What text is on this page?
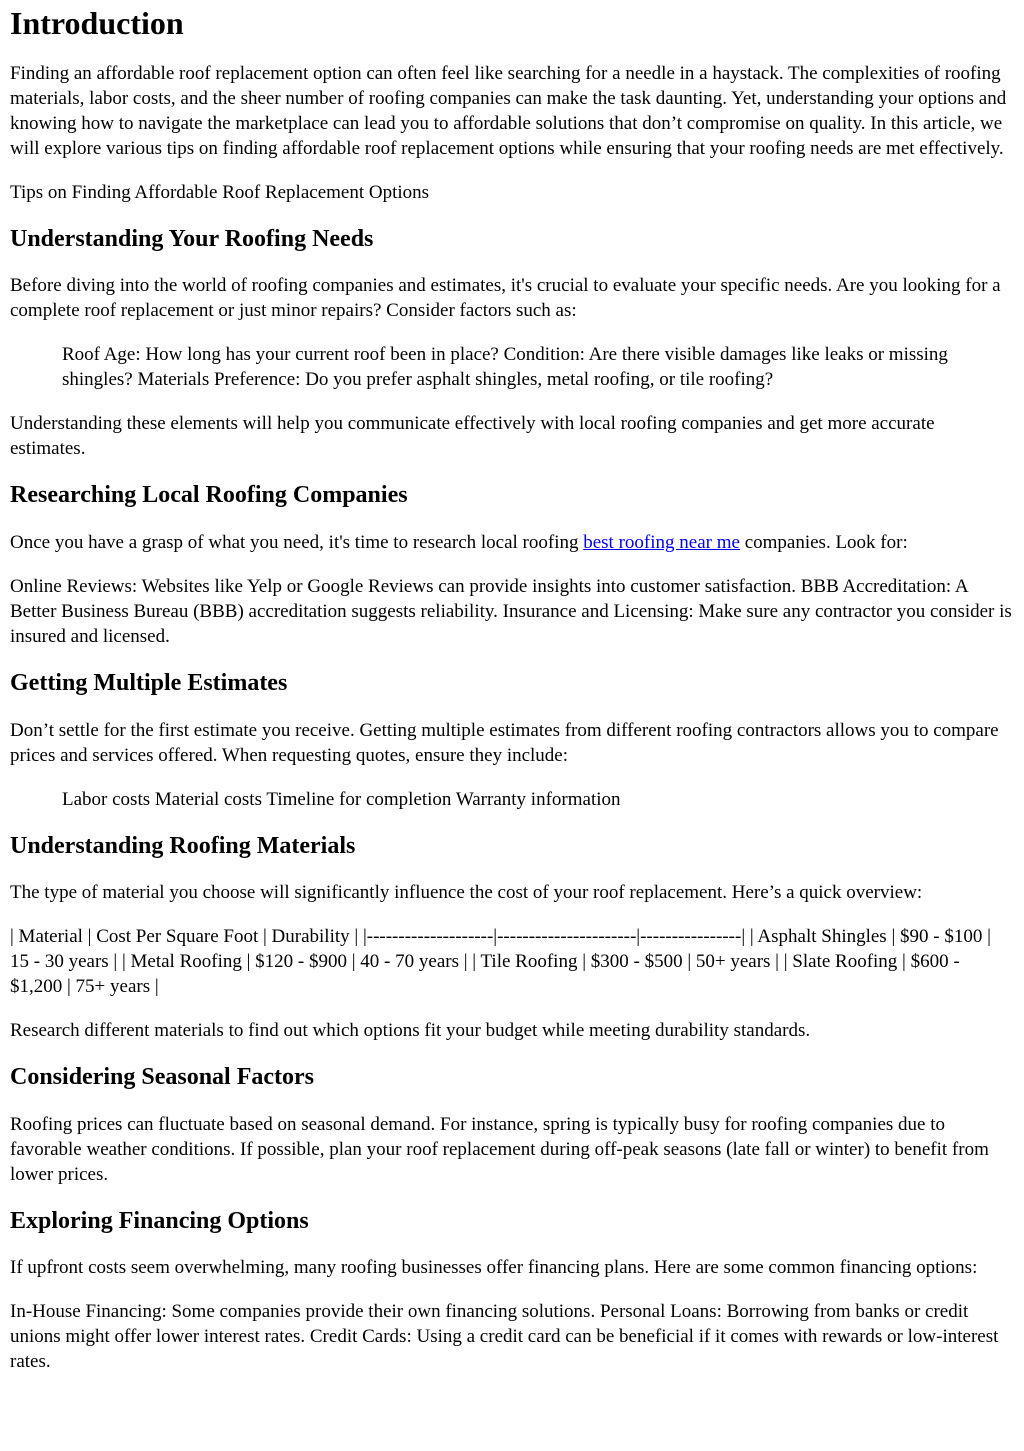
Introduction

Finding an affordable roof replacement option can often feel like searching for a needle in a haystack. The complexities of roofing materials, labor costs, and the sheer number of roofing companies can make the task daunting. Yet, understanding your options and knowing how to navigate the marketplace can lead you to affordable solutions that don’t compromise on quality. In this article, we will explore various tips on finding affordable roof replacement options while ensuring that your roofing needs are met effectively.

Tips on Finding Affordable Roof Replacement Options

Understanding Your Roofing Needs

Before diving into the world of roofing companies and estimates, it's crucial to evaluate your specific needs. Are you looking for a complete roof replacement or just minor repairs? Consider factors such as:

Roof Age: How long has your current roof been in place? Condition: Are there visible damages like leaks or missing shingles? Materials Preference: Do you prefer asphalt shingles, metal roofing, or tile roofing?

Understanding these elements will help you communicate effectively with local roofing companies and get more accurate estimates.

Researching Local Roofing Companies

Once you have a grasp of what you need, it's time to research local roofing best roofing near me companies. Look for:

Online Reviews: Websites like Yelp or Google Reviews can provide insights into customer satisfaction. BBB Accreditation: A Better Business Bureau (BBB) accreditation suggests reliability. Insurance and Licensing: Make sure any contractor you consider is insured and licensed.

Getting Multiple Estimates

Don’t settle for the first estimate you receive. Getting multiple estimates from different roofing contractors allows you to compare prices and services offered. When requesting quotes, ensure they include:

Labor costs Material costs Timeline for completion Warranty information
Understanding Roofing Materials

The type of material you choose will significantly influence the cost of your roof replacement. Here’s a quick overview:

| Material | Cost Per Square Foot | Durability | |--------------------|----------------------|----------------| | Asphalt Shingles | $90 - $100 | 15 - 30 years | | Metal Roofing | $120 - $900 | 40 - 70 years | | Tile Roofing | $300 - $500 | 50+ years | | Slate Roofing | $600 - $1,200 | 75+ years |

Research different materials to find out which options fit your budget while meeting durability standards.

Considering Seasonal Factors

Roofing prices can fluctuate based on seasonal demand. For instance, spring is typically busy for roofing companies due to favorable weather conditions. If possible, plan your roof replacement during off-peak seasons (late fall or winter) to benefit from lower prices.

Exploring Financing Options

If upfront costs seem overwhelming, many roofing businesses offer financing plans. Here are some common financing options:

In-House Financing: Some companies provide their own financing solutions. Personal Loans: Borrowing from banks or credit unions might offer lower interest rates. Credit Cards: Using a credit card can be beneficial if it comes with rewards or low-interest rates.
